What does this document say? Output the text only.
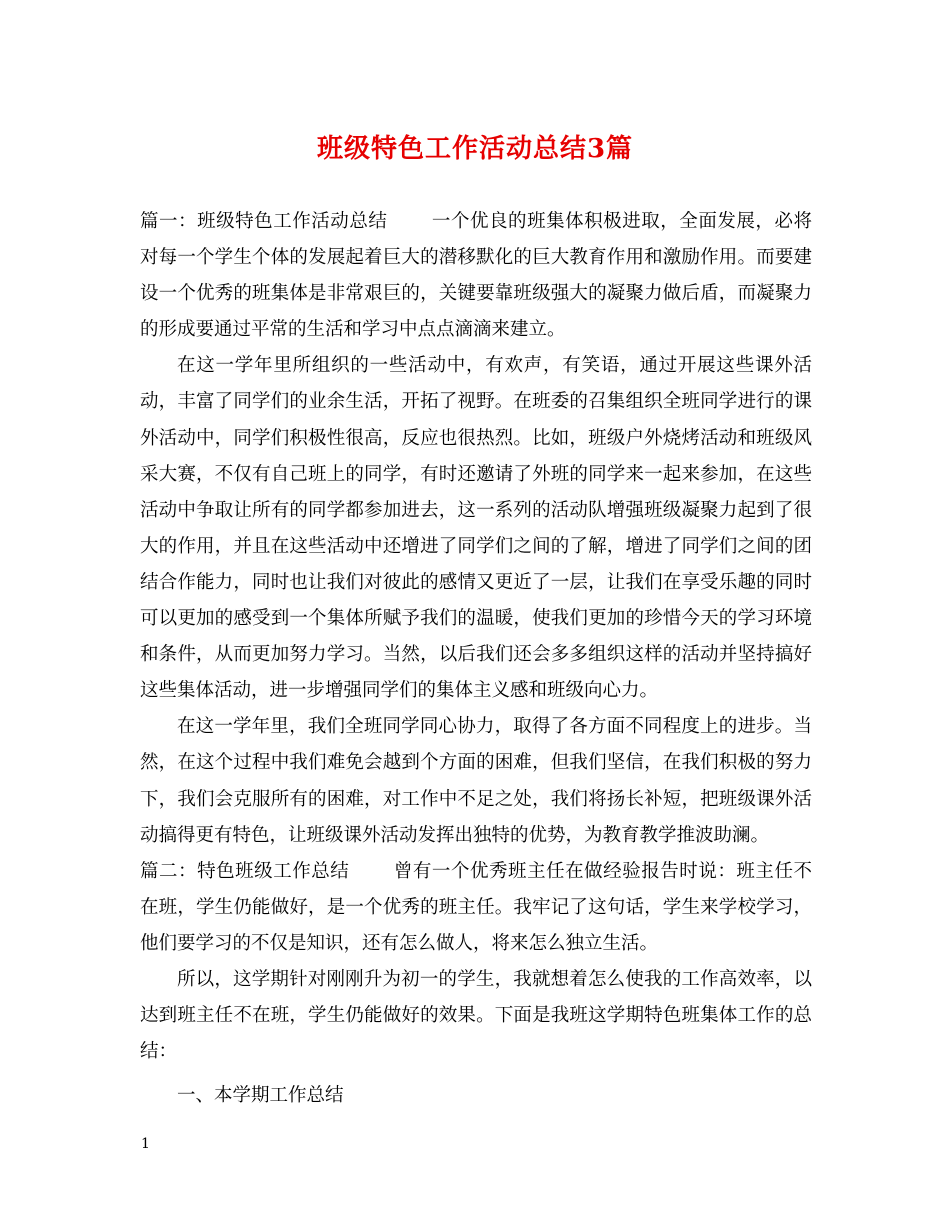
班级特色工作活动总结3篇

篇一：班级特色工作活动总结 一个优良的班集体积极进取，全面发展，必将对每一个学生个体的发展起着巨大的潜移默化的巨大教育作用和激励作用。而要建设一个优秀的班集体是非常艰巨的，关键要靠班级强大的凝聚力做后盾，而凝聚力的形成要通过平常的生活和学习中点点滴滴来建立。

在这一学年里所组织的一些活动中，有欢声，有笑语，通过开展这些课外活动，丰富了同学们的业余生活，开拓了视野。在班委的召集组织全班同学进行的课外活动中，同学们积极性很高，反应也很热烈。比如，班级户外烧烤活动和班级风采大赛，不仅有自己班上的同学，有时还邀请了外班的同学来一起来参加，在这些活动中争取让所有的同学都参加进去，这一系列的活动队增强班级凝聚力起到了很大的作用，并且在这些活动中还增进了同学们之间的了解，增进了同学们之间的团结合作能力，同时也让我们对彼此的感情又更近了一层，让我们在享受乐趣的同时可以更加的感受到一个集体所赋予我们的温暖，使我们更加的珍惜今天的学习环境和条件，从而更加努力学习。当然，以后我们还会多多组织这样的活动并坚持搞好这些集体活动，进一步增强同学们的集体主义感和班级向心力。

在这一学年里，我们全班同学同心协力，取得了各方面不同程度上的进步。当然，在这个过程中我们难免会越到个方面的困难，但我们坚信，在我们积极的努力下，我们会克服所有的困难，对工作中不足之处，我们将扬长补短，把班级课外活动搞得更有特色，让班级课外活动发挥出独特的优势，为教育教学推波助澜。

篇二：特色班级工作总结 曾有一个优秀班主任在做经验报告时说：班主任不在班，学生仍能做好，是一个优秀的班主任。我牢记了这句话，学生来学校学习，他们要学习的不仅是知识，还有怎么做人，将来怎么独立生活。

所以，这学期针对刚刚升为初一的学生，我就想着怎么使我的工作高效率，以达到班主任不在班，学生仍能做好的效果。下面是我班这学期特色班集体工作的总结：

一、本学期工作总结

1
